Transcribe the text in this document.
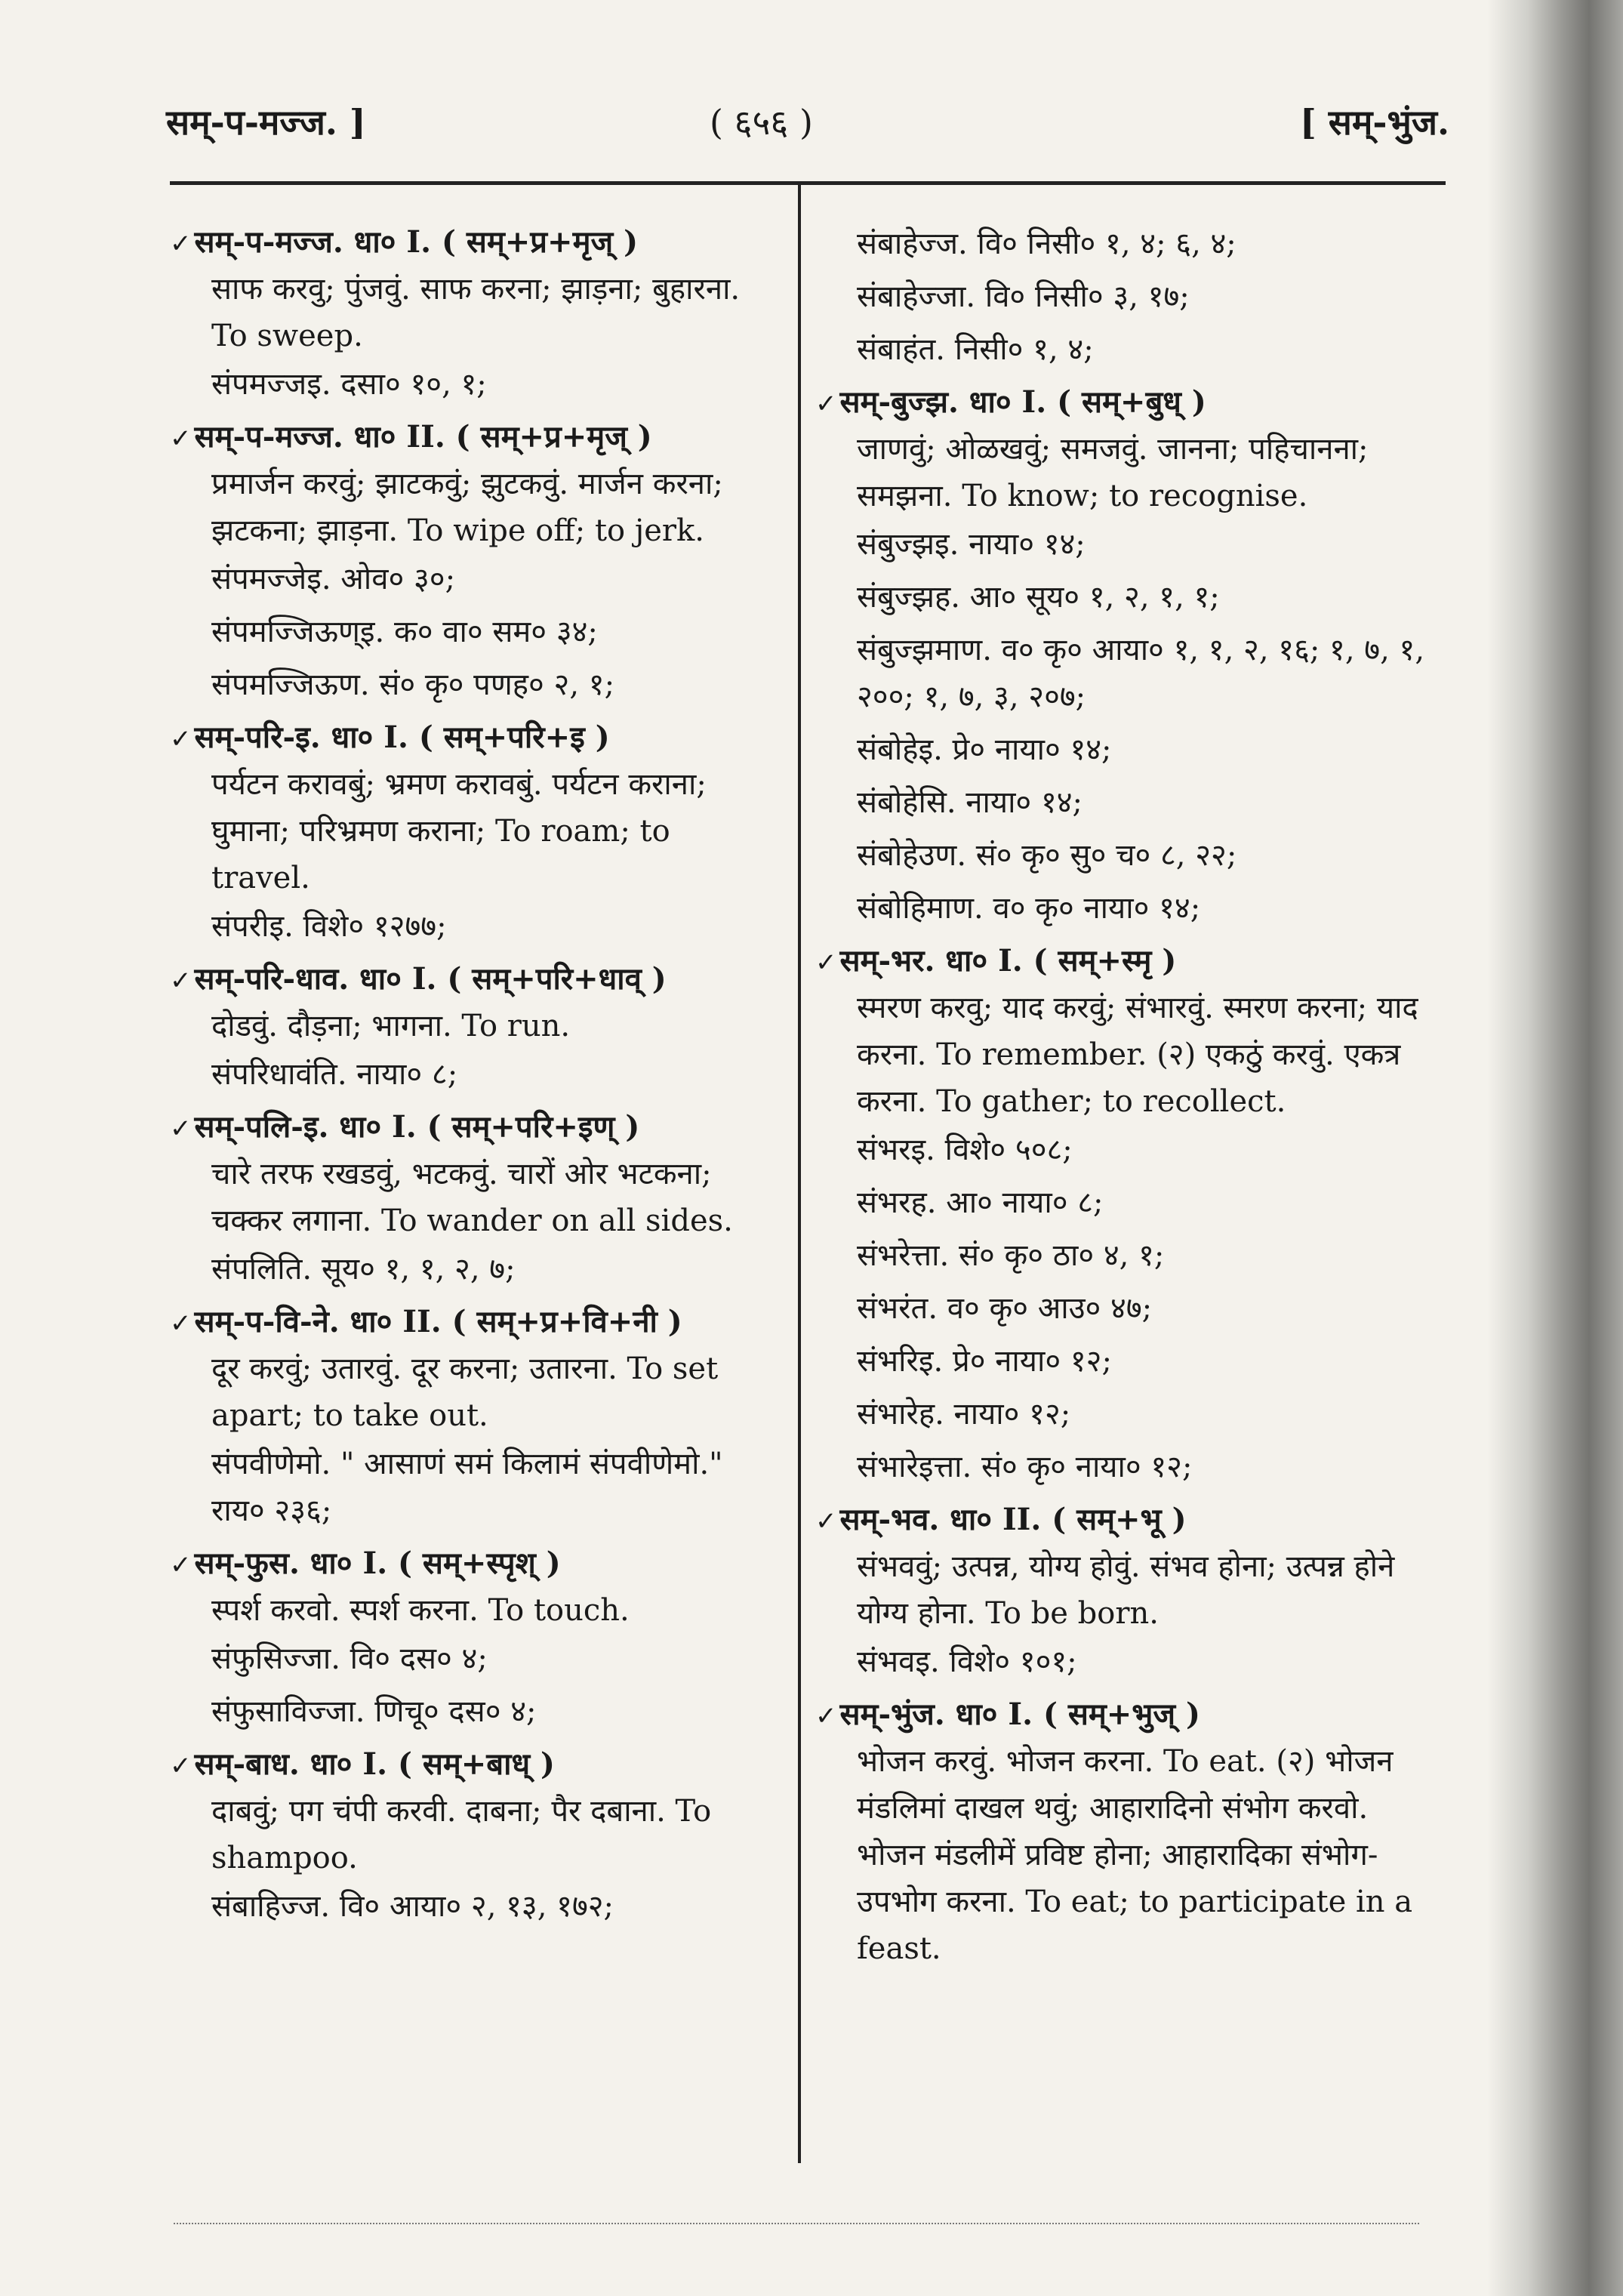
सम्-प-मज्ज. ]	( ६५६ )	[ सम्-भुंज.
✓ सम्-प-मज्ज. धा० I. ( सम्+प्र+मृज् )
साफ करवु; पुंजवुं. साफ करना; झाड़ना; बुहारना. To sweep.
संपमज्जइ. दसा० १०, १;
✓ सम्-प-मज्ज. धा० II. ( सम्+प्र+मृज् )
प्रमार्जन करवुं; झाटकवुं; झुटकवुं. मार्जन करना; झटकना; झाड़ना. To wipe off; to jerk.
संपमज्जेइ. ओव० ३०;
संपमज्जिऊण्इ. क० वा० सम० ३४;
संपमज्जिऊण. सं० कृ० पणह० २, १;
✓ सम्-परि-इ. धा० I. ( सम्+परि+इ )
पर्यटन करावबुं; भ्रमण करावबुं. पर्यटन कराना; घुमाना; परिभ्रमण कराना; To roam; to travel.
संपरीइ. विशे० १२७७;
✓ सम्-परि-धाव. धा० I. ( सम्+परि+धाव् )
दोडवुं. दौड़ना; भागना. To run.
संपरिधावंति. नाया० ८;
✓ सम्-पलि-इ. धा० I. ( सम्+परि+इण् )
चारे तरफ रखडवुं, भटकवुं. चारों ओर भटकना; चक्कर लगाना. To wander on all sides.
संपलिति. सूय० १, १, २, ७;
✓ सम्-प-वि-ने. धा० II. ( सम्+प्र+वि+नी )
दूर करवुं; उतारवुं. दूर करना; उतारना. To set apart; to take out.
संपवीणेमो. " आसाणं समं किलामं संपवीणेमो." राय० २३६;
✓ सम्-फुस. धा० I. ( सम्+स्पृश् )
स्पर्श करवो. स्पर्श करना. To touch.
संफुसिज्जा. वि० दस० ४;
संफुसाविज्जा. णिचू० दस० ४;
✓ सम्-बाध. धा० I. ( सम्+बाध् )
दाबवुं; पग चंपी करवी. दाबना; पैर दबाना. To shampoo.
संबाहिज्ज. वि० आया० २, १३, १७२;
संबाहेज्ज. वि० निसी० १, ४; ६, ४;
संबाहेज्जा. वि० निसी० ३, १७;
संबाहंत. निसी० १, ४;
✓ सम्-बुज्झ. धा० I. ( सम्+बुध् )
जाणवुं; ओळखवुं; समजवुं. जानना; पहिचानना; समझना. To know; to recognise.
संबुज्झइ. नाया० १४;
संबुज्झह. आ० सूय० १, २, १, १;
संबुज्झमाण. व० कृ० आया० १, १, २, १६; १, ७, १, २००; १, ७, ३, २०७;
संबोहेइ. प्रे० नाया० १४;
संबोहेसि. नाया० १४;
संबोहेउण. सं० कृ० सु० च० ८, २२;
संबोहिमाण. व० कृ० नाया० १४;
✓ सम्-भर. धा० I. ( सम्+स्मृ )
स्मरण करवु; याद करवुं; संभारवुं. स्मरण करना; याद करना. To remember. (२) एकठुं करवुं. एकत्र करना. To gather; to recollect.
संभरइ. विशे० ५०८;
संभरह. आ० नाया० ८;
संभरेत्ता. सं० कृ० ठा० ४, १;
संभरंत. व० कृ० आउ० ४७;
संभरिइ. प्रे० नाया० १२;
संभारेह. नाया० १२;
संभारेइत्ता. सं० कृ० नाया० १२;
✓ सम्-भव. धा० II. ( सम्+भू )
संभववुं; उत्पन्न, योग्य होवुं. संभव होना; उत्पन्न होने योग्य होना. To be born.
संभवइ. विशे० १०१;
✓ सम्-भुंज. धा० I. ( सम्+भुज् )
भोजन करवुं. भोजन करना. To eat. (२) भोजन मंडलिमां दाखल थवुं; आहारादिनो संभोग करवो. भोजन मंडलीमें प्रविष्ट होना; आहारादिका संभोग-उपभोग करना. To eat; to participate in a feast.
